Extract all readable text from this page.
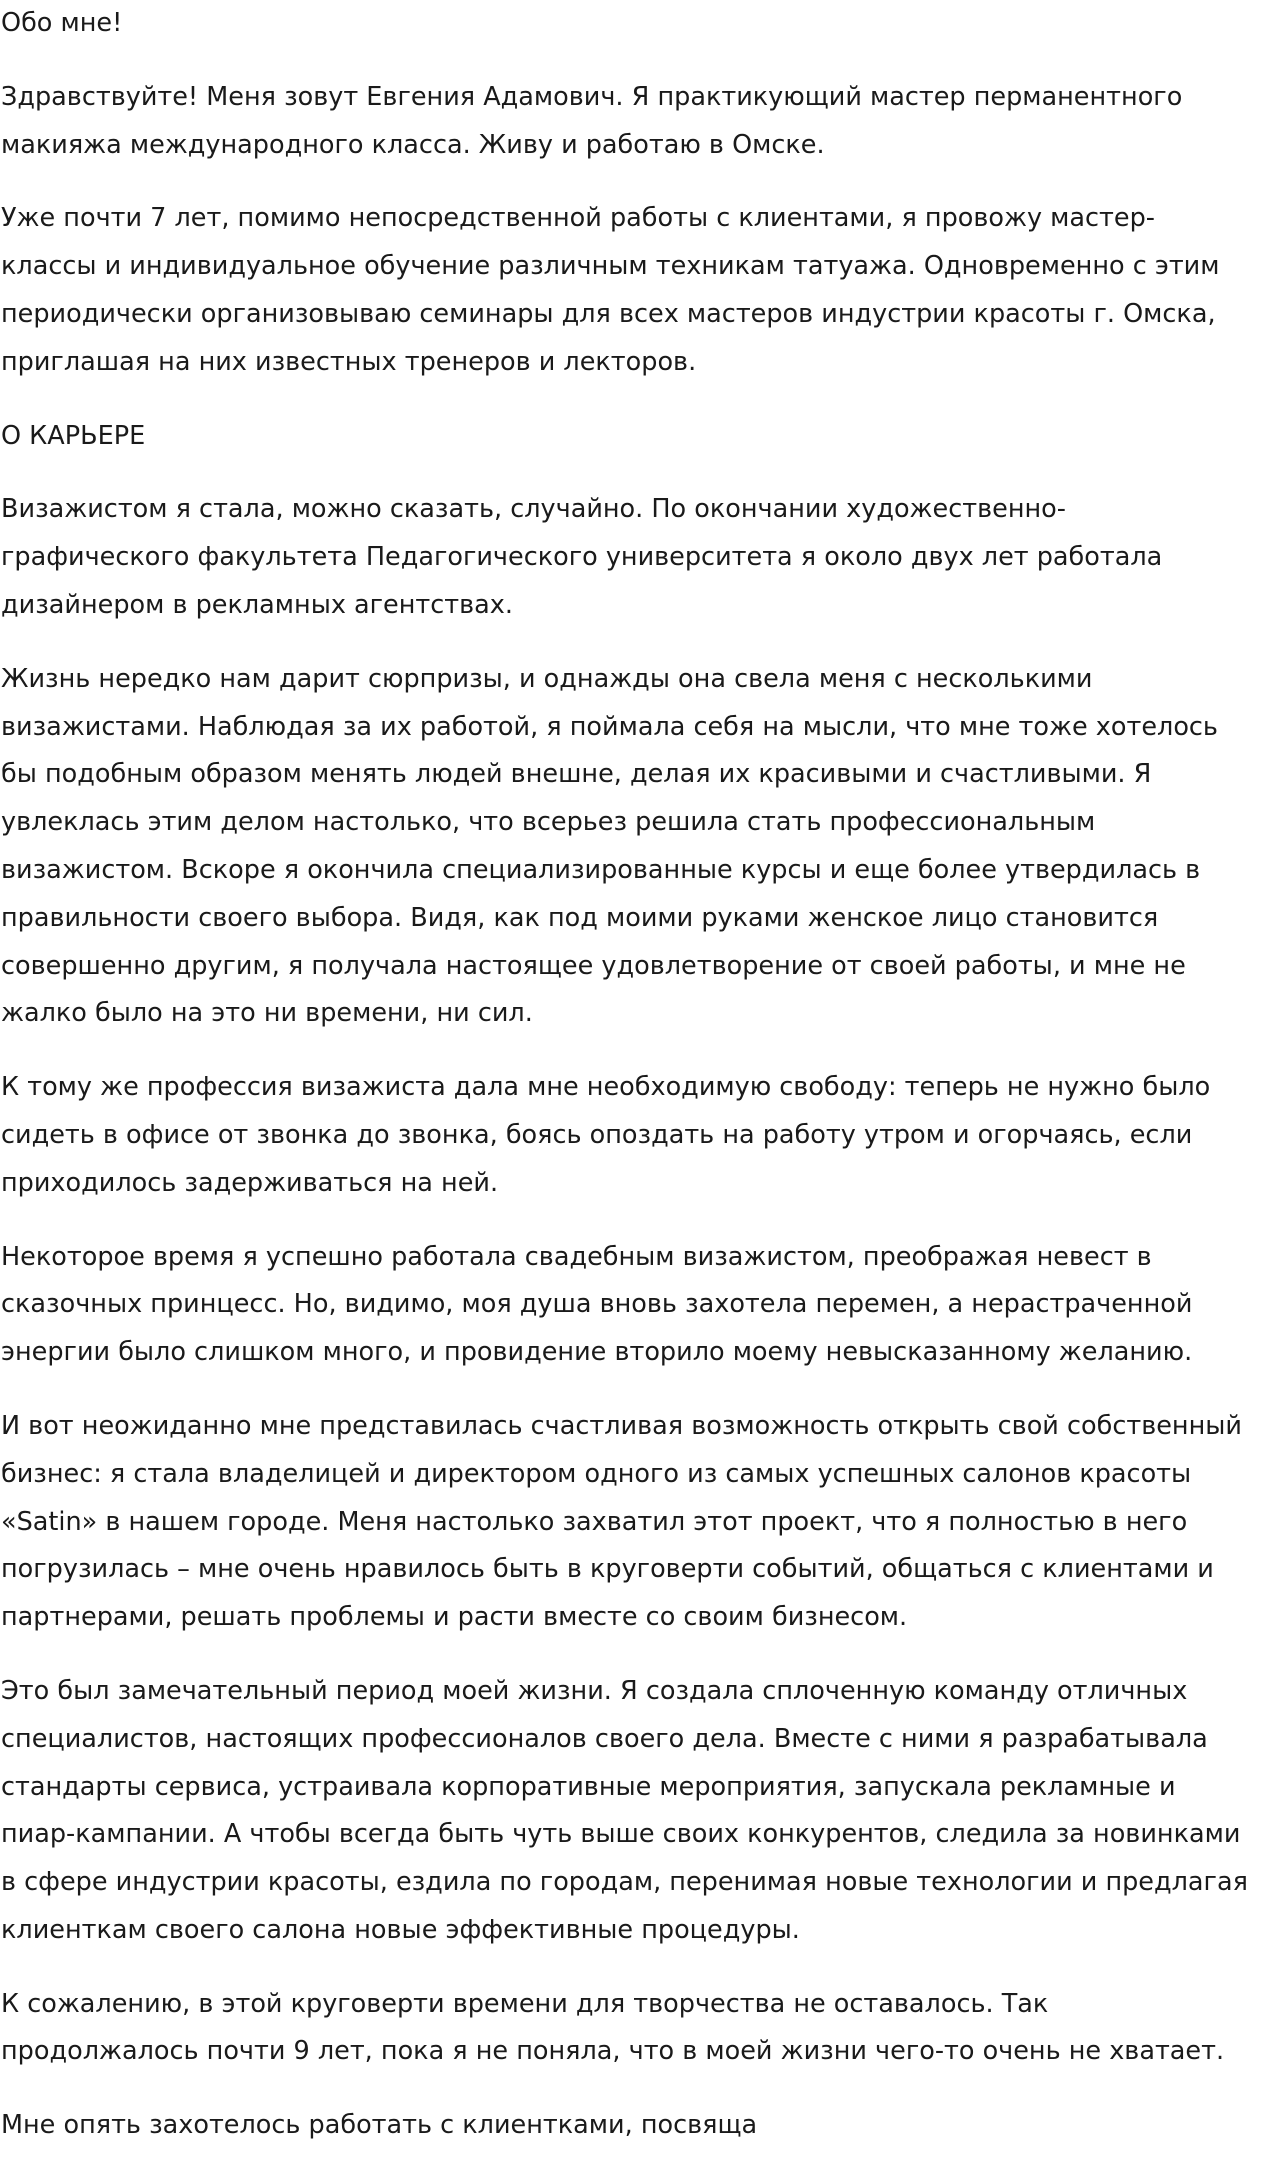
Обо мне!
Здравствуйте! Меня зовут Евгения Адамович. Я практикующий мастер перманентного
макияжа международного класса. Живу и работаю в Омске.
Уже почти 7 лет, помимо непосредственной работы с клиентами, я провожу мастер-
классы и индивидуальное обучение различным техникам татуажа. Одновременно с этим
периодически организовываю семинары для всех мастеров индустрии красоты г. Омска,
приглашая на них известных тренеров и лекторов.
О КАРЬЕРЕ
Визажистом я стала, можно сказать, случайно. По окончании художественно-
графического факультета Педагогического университета я около двух лет работала
дизайнером в рекламных агентствах.
Жизнь нередко нам дарит сюрпризы, и однажды она свела меня с несколькими
визажистами. Наблюдая за их работой, я поймала себя на мысли, что мне тоже хотелось
бы подобным образом менять людей внешне, делая их красивыми и счастливыми. Я
увлеклась этим делом настолько, что всерьез решила стать профессиональным
визажистом. Вскоре я окончила специализированные курсы и еще более утвердилась в
правильности своего выбора. Видя, как под моими руками женское лицо становится
совершенно другим, я получала настоящее удовлетворение от своей работы, и мне не
жалко было на это ни времени, ни сил.
К тому же профессия визажиста дала мне необходимую свободу: теперь не нужно было
сидеть в офисе от звонка до звонка, боясь опоздать на работу утром и огорчаясь, если
приходилось задерживаться на ней.
Некоторое время я успешно работала свадебным визажистом, преображая невест в
сказочных принцесс. Но, видимо, моя душа вновь захотела перемен, а нерастраченной
энергии было слишком много, и провидение вторило моему невысказанному желанию.
И вот неожиданно мне представилась счастливая возможность открыть свой собственный
бизнес: я стала владелицей и директором одного из самых успешных салонов красоты
«Satin» в нашем городе. Меня настолько захватил этот проект, что я полностью в него
погрузилась – мне очень нравилось быть в круговерти событий, общаться с клиентами и
партнерами, решать проблемы и расти вместе со своим бизнесом.
Это был замечательный период моей жизни. Я создала сплоченную команду отличных
специалистов, настоящих профессионалов своего дела. Вместе с ними я разрабатывала
стандарты сервиса, устраивала корпоративные мероприятия, запускала рекламные и
пиар-кампании. А чтобы всегда быть чуть выше своих конкурентов, следила за новинками
в сфере индустрии красоты, ездила по городам, перенимая новые технологии и предлагая
клиенткам своего салона новые эффективные процедуры.
К сожалению, в этой круговерти времени для творчества не оставалось. Так
продолжалось почти 9 лет, пока я не поняла, что в моей жизни чего-то очень не хватает.
Мне опять захотелось работать с клиентками, посвяща
